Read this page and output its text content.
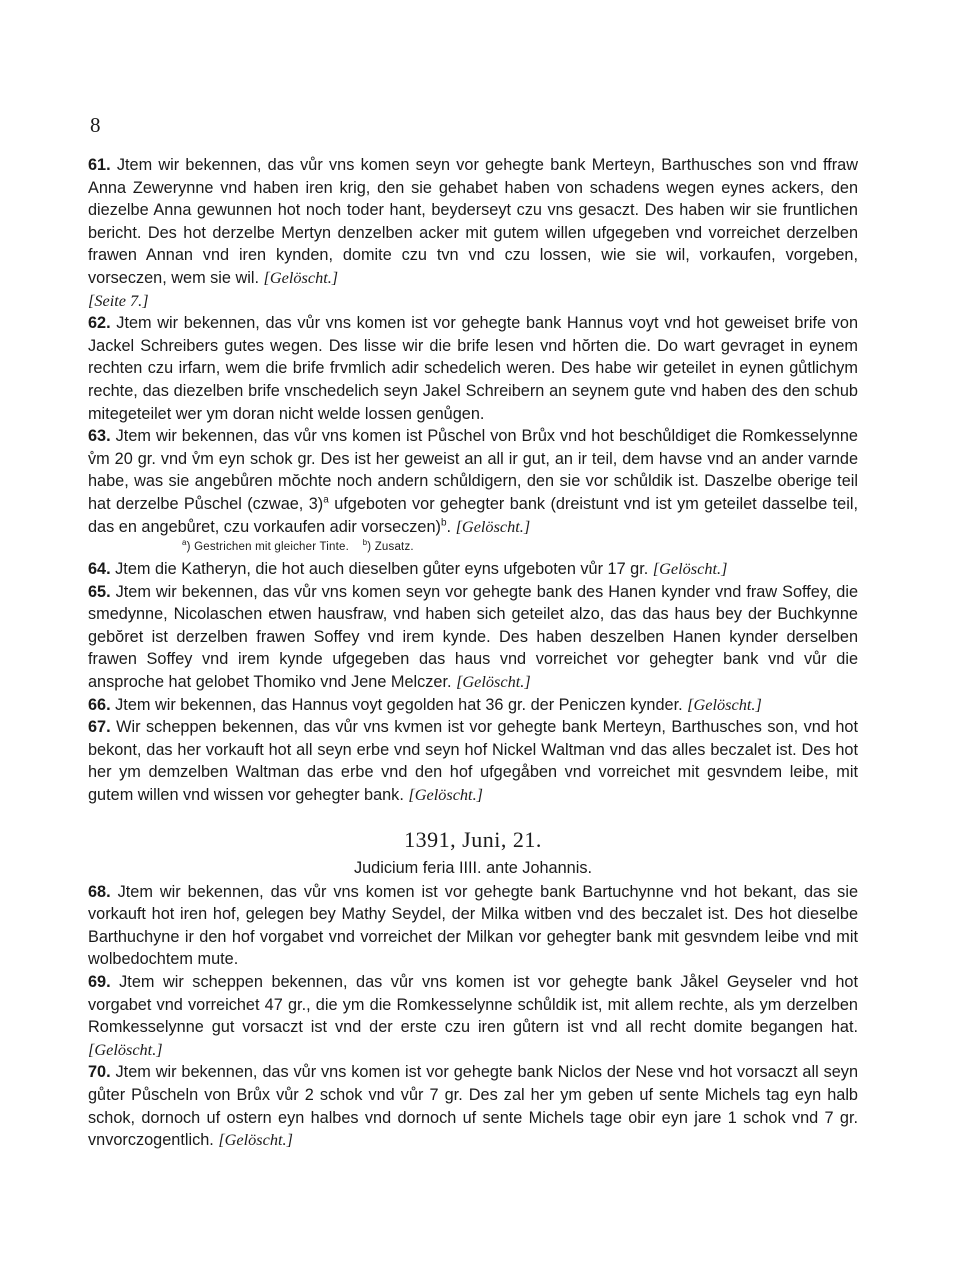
8

61. Jtem wir bekennen, das vůr vns komen seyn vor gehegte bank Merteyn, Barthusches son vnd ffraw Anna Zewerynne vnd haben iren krig, den sie gehabet haben von schadens wegen eynes ackers, den diezelbe Anna gewunnen hot noch toder hant, beyderseyt czu vns gesaczt. Des haben wir sie fruntlichen bericht. Des hot derzelbe Mertyn denzelben acker mit gutem willen ufgegeben vnd vorreichet derzelben frawen Annan vnd iren kynden, domite czu tvn vnd czu lossen, wie sie wil, vorkaufen, vorgeben, vorseczen, wem sie wil. [Gelöscht.]

[Seite 7.]

62. Jtem wir bekennen, das vůr vns komen ist vor gehegte bank Hannus voyt vnd hot geweiset brife von Jackel Schreibers gutes wegen. Des lisse wir die brife lesen vnd hŏrten die. Do wart gevraget in eynem rechten czu irfarn, wem die brife frvmlich adir schedelich weren. Des habe wir geteilet in eynen gůtlichym rechte, das diezelben brife vnschedelich seyn Jakel Schreibern an seynem gute vnd haben des den schub mitegeteilet wer ym doran nicht welde lossen genůgen.

63. Jtem wir bekennen, das vůr vns komen ist Půschel von Brůx vnd hot beschůldiget die Romkesselynne v̊m 20 gr. vnd v̊m eyn schok gr. Des ist her geweist an all ir gut, an ir teil, dem havse vnd an ander varnde habe, was sie angebůren mŏchte noch andern schůldigern, den sie vor schůldik ist. Daszelbe oberige teil hat derzelbe Půschel (czwae, 3)$^a$ ufgeboten vor gehegter bank (dreistunt vnd ist ym geteilet dasselbe teil, das en angebůret, czu vorkaufen adir vorseczen)$^b$. [Gelöscht.]

$^a$) Gestrichen mit gleicher Tinte. $^b$) Zusatz.

64. Jtem die Katheryn, die hot auch dieselben gůter eyns ufgeboten vůr 17 gr. [Gelöscht.]

65. Jtem wir bekennen, das vůr vns komen seyn vor gehegte bank des Hanen kynder vnd fraw Soffey, die smedynne, Nicolaschen etwen hausfraw, vnd haben sich geteilet alzo, das das haus bey der Buchkynne gebŏret ist derzelben frawen Soffey vnd irem kynde. Des haben deszelben Hanen kynder derselben frawen Soffey vnd irem kynde ufgegeben das haus vnd vorreichet vor gehegter bank vnd vůr die ansproche hat gelobet Thomiko vnd Jene Melczer. [Gelöscht.]

66. Jtem wir bekennen, das Hannus voyt gegolden hat 36 gr. der Peniczen kynder. [Gelöscht.]

67. Wir scheppen bekennen, das vůr vns kvmen ist vor gehegte bank Merteyn, Barthusches son, vnd hot bekont, das her vorkauft hot all seyn erbe vnd seyn hof Nickel Waltman vnd das alles beczalet ist. Des hot her ym demzelben Waltman das erbe vnd den hof ufgegåben vnd vorreichet mit gesvndem leibe, mit gutem willen vnd wissen vor gehegter bank. [Gelöscht.]

1391, Juni, 21.
Judicium feria IIII. ante Johannis.

68. Jtem wir bekennen, das vůr vns komen ist vor gehegte bank Bartuchynne vnd hot bekant, das sie vorkauft hot iren hof, gelegen bey Mathy Seydel, der Milka witben vnd des beczalet ist. Des hot dieselbe Barthuchyne ir den hof vorgabet vnd vorreichet der Milkan vor gehegter bank mit gesvndem leibe vnd mit wolbedochtem mute.

69. Jtem wir scheppen bekennen, das vůr vns komen ist vor gehegte bank Jåkel Geyseler vnd hot vorgabet vnd vorreichet 47 gr., die ym die Romkesselynne schůldik ist, mit allem rechte, als ym derzelben Romkesselynne gut vorsaczt ist vnd der erste czu iren gůtern ist vnd all recht domite begangen hat. [Gelöscht.]

70. Jtem wir bekennen, das vůr vns komen ist vor gehegte bank Niclos der Nese vnd hot vorsaczt all seyn gůter Půscheln von Brůx vůr 2 schok vnd vůr 7 gr. Des zal her ym geben uf sente Michels tag eyn halb schok, dornoch uf ostern eyn halbes vnd dornoch uf sente Michels tage obir eyn jare 1 schok vnd 7 gr. vnvorczogentlich. [Gelöscht.]
